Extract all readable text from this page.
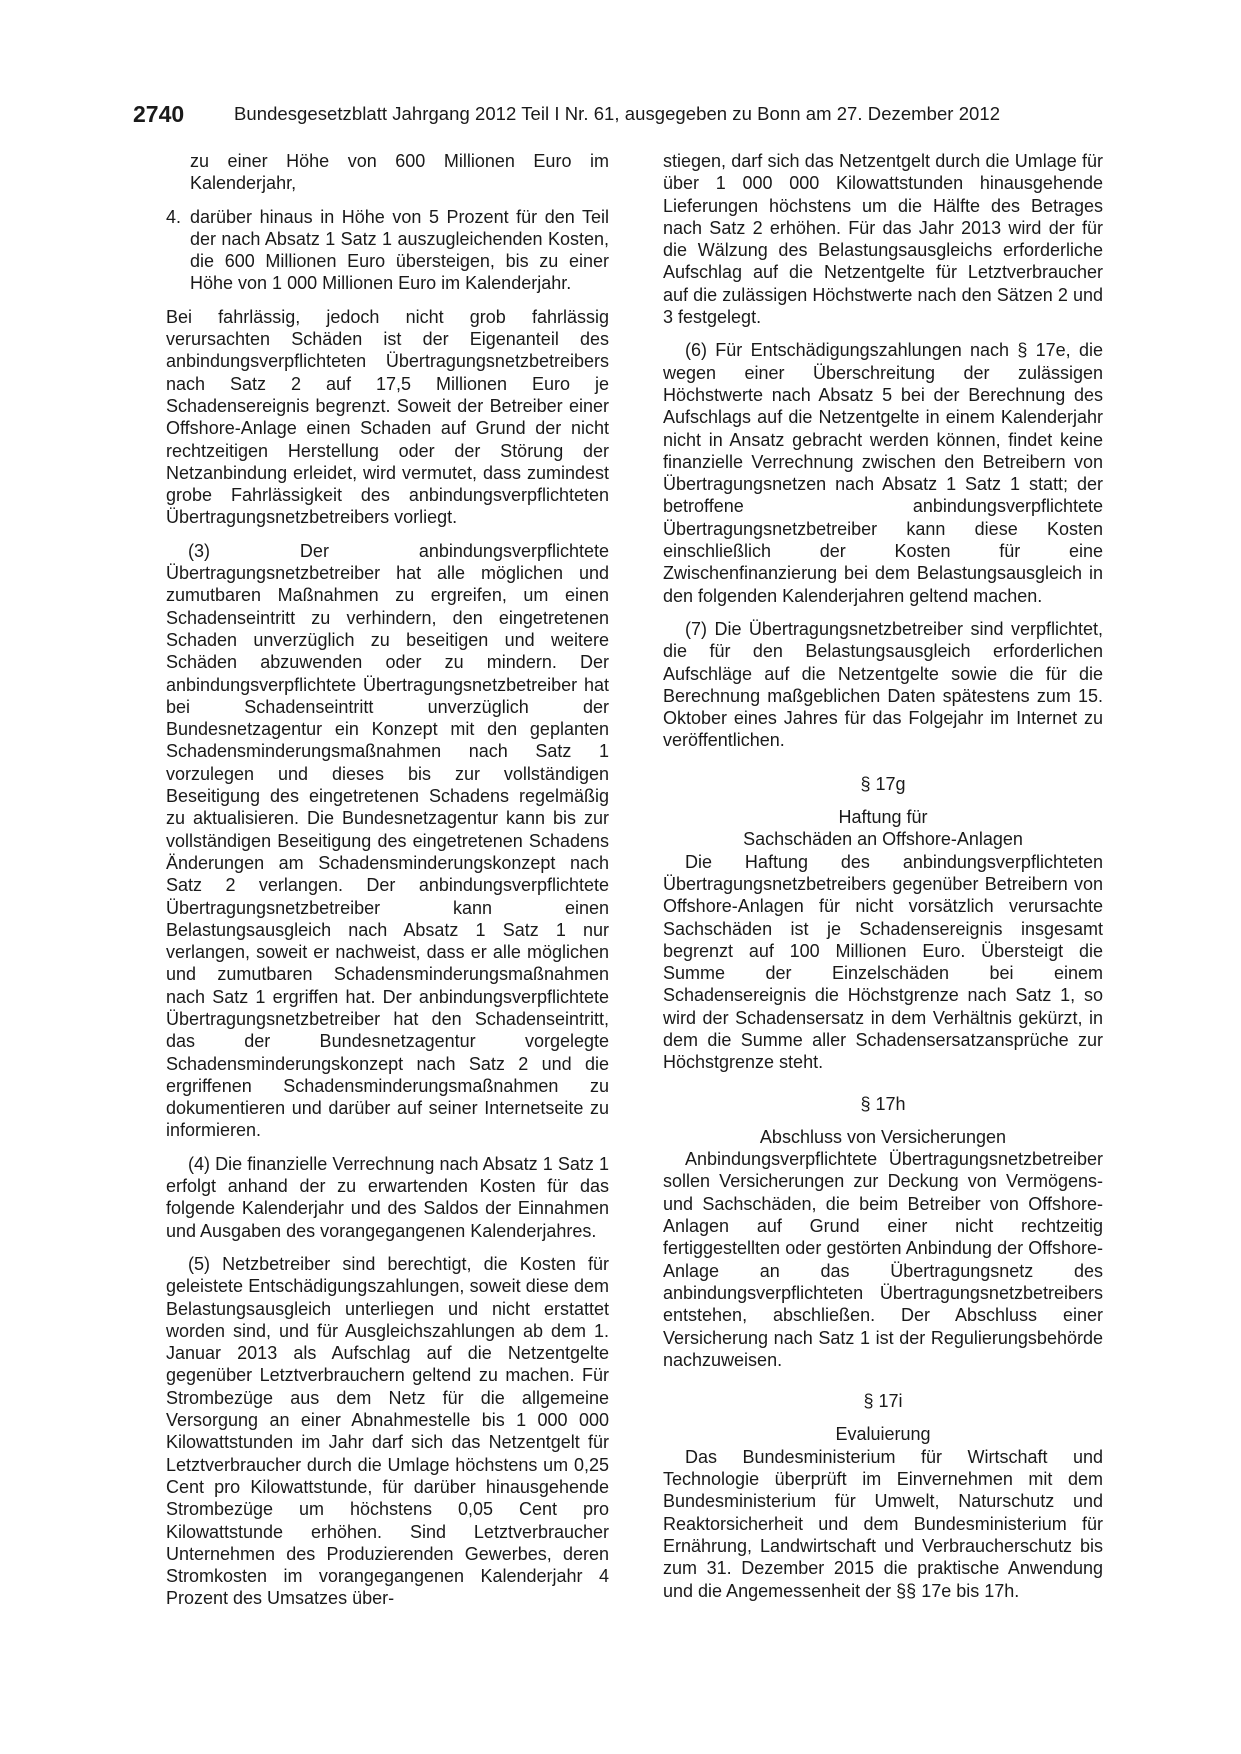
2740	Bundesgesetzblatt Jahrgang 2012 Teil I Nr. 61, ausgegeben zu Bonn am 27. Dezember 2012

zu einer Höhe von 600 Millionen Euro im Kalenderjahr,

4. darüber hinaus in Höhe von 5 Prozent für den Teil der nach Absatz 1 Satz 1 auszugleichenden Kosten, die 600 Millionen Euro übersteigen, bis zu einer Höhe von 1 000 Millionen Euro im Kalenderjahr.

Bei fahrlässig, jedoch nicht grob fahrlässig verursachten Schäden ist der Eigenanteil des anbindungsverpflichteten Übertragungsnetzbetreibers nach Satz 2 auf 17,5 Millionen Euro je Schadensereignis begrenzt. Soweit der Betreiber einer Offshore-Anlage einen Schaden auf Grund der nicht rechtzeitigen Herstellung oder der Störung der Netzanbindung erleidet, wird vermutet, dass zumindest grobe Fahrlässigkeit des anbindungsverpflichteten Übertragungsnetzbetreibers vorliegt.

(3) Der anbindungsverpflichtete Übertragungsnetzbetreiber hat alle möglichen und zumutbaren Maßnahmen zu ergreifen, um einen Schadenseintritt zu verhindern, den eingetretenen Schaden unverzüglich zu beseitigen und weitere Schäden abzuwenden oder zu mindern. Der anbindungsverpflichtete Übertragungsnetzbetreiber hat bei Schadenseintritt unverzüglich der Bundesnetzagentur ein Konzept mit den geplanten Schadensminderungsmaßnahmen nach Satz 1 vorzulegen und dieses bis zur vollständigen Beseitigung des eingetretenen Schadens regelmäßig zu aktualisieren. Die Bundesnetzagentur kann bis zur vollständigen Beseitigung des eingetretenen Schadens Änderungen am Schadensminderungskonzept nach Satz 2 verlangen. Der anbindungsverpflichtete Übertragungsnetzbetreiber kann einen Belastungsausgleich nach Absatz 1 Satz 1 nur verlangen, soweit er nachweist, dass er alle möglichen und zumutbaren Schadensminderungsmaßnahmen nach Satz 1 ergriffen hat. Der anbindungsverpflichtete Übertragungsnetzbetreiber hat den Schadenseintritt, das der Bundesnetzagentur vorgelegte Schadensminderungskonzept nach Satz 2 und die ergriffenen Schadensminderungsmaßnahmen zu dokumentieren und darüber auf seiner Internetseite zu informieren.

(4) Die finanzielle Verrechnung nach Absatz 1 Satz 1 erfolgt anhand der zu erwartenden Kosten für das folgende Kalenderjahr und des Saldos der Einnahmen und Ausgaben des vorangegangenen Kalenderjahres.

(5) Netzbetreiber sind berechtigt, die Kosten für geleistete Entschädigungszahlungen, soweit diese dem Belastungsausgleich unterliegen und nicht erstattet worden sind, und für Ausgleichszahlungen ab dem 1. Januar 2013 als Aufschlag auf die Netzentgelte gegenüber Letztverbrauchern geltend zu machen. Für Strombezüge aus dem Netz für die allgemeine Versorgung an einer Abnahmestelle bis 1 000 000 Kilowattstunden im Jahr darf sich das Netzentgelt für Letztverbraucher durch die Umlage höchstens um 0,25 Cent pro Kilowattstunde, für darüber hinausgehende Strombezüge um höchstens 0,05 Cent pro Kilowattstunde erhöhen. Sind Letztverbraucher Unternehmen des Produzierenden Gewerbes, deren Stromkosten im vorangegangenen Kalenderjahr 4 Prozent des Umsatzes über-

stiegen, darf sich das Netzentgelt durch die Umlage für über 1 000 000 Kilowattstunden hinausgehende Lieferungen höchstens um die Hälfte des Betrages nach Satz 2 erhöhen. Für das Jahr 2013 wird der für die Wälzung des Belastungsausgleichs erforderliche Aufschlag auf die Netzentgelte für Letztverbraucher auf die zulässigen Höchstwerte nach den Sätzen 2 und 3 festgelegt.

(6) Für Entschädigungszahlungen nach § 17e, die wegen einer Überschreitung der zulässigen Höchstwerte nach Absatz 5 bei der Berechnung des Aufschlags auf die Netzentgelte in einem Kalenderjahr nicht in Ansatz gebracht werden können, findet keine finanzielle Verrechnung zwischen den Betreibern von Übertragungsnetzen nach Absatz 1 Satz 1 statt; der betroffene anbindungsverpflichtete Übertragungsnetzbetreiber kann diese Kosten einschließlich der Kosten für eine Zwischenfinanzierung bei dem Belastungsausgleich in den folgenden Kalenderjahren geltend machen.

(7) Die Übertragungsnetzbetreiber sind verpflichtet, die für den Belastungsausgleich erforderlichen Aufschläge auf die Netzentgelte sowie die für die Berechnung maßgeblichen Daten spätestens zum 15. Oktober eines Jahres für das Folgejahr im Internet zu veröffentlichen.

§ 17g

Haftung für

Sachschäden an Offshore-Anlagen

Die Haftung des anbindungsverpflichteten Übertragungsnetzbetreibers gegenüber Betreibern von Offshore-Anlagen für nicht vorsätzlich verursachte Sachschäden ist je Schadensereignis insgesamt begrenzt auf 100 Millionen Euro. Übersteigt die Summe der Einzelschäden bei einem Schadensereignis die Höchstgrenze nach Satz 1, so wird der Schadensersatz in dem Verhältnis gekürzt, in dem die Summe aller Schadensersatzansprüche zur Höchstgrenze steht.

§ 17h

Abschluss von Versicherungen

Anbindungsverpflichtete Übertragungsnetzbetreiber sollen Versicherungen zur Deckung von Vermögens- und Sachschäden, die beim Betreiber von Offshore-Anlagen auf Grund einer nicht rechtzeitig fertiggestellten oder gestörten Anbindung der Offshore-Anlage an das Übertragungsnetz des anbindungsverpflichteten Übertragungsnetzbetreibers entstehen, abschließen. Der Abschluss einer Versicherung nach Satz 1 ist der Regulierungsbehörde nachzuweisen.

§ 17i

Evaluierung

Das Bundesministerium für Wirtschaft und Technologie überprüft im Einvernehmen mit dem Bundesministerium für Umwelt, Naturschutz und Reaktorsicherheit und dem Bundesministerium für Ernährung, Landwirtschaft und Verbraucherschutz bis zum 31. Dezember 2015 die praktische Anwendung und die Angemessenheit der §§ 17e bis 17h.
